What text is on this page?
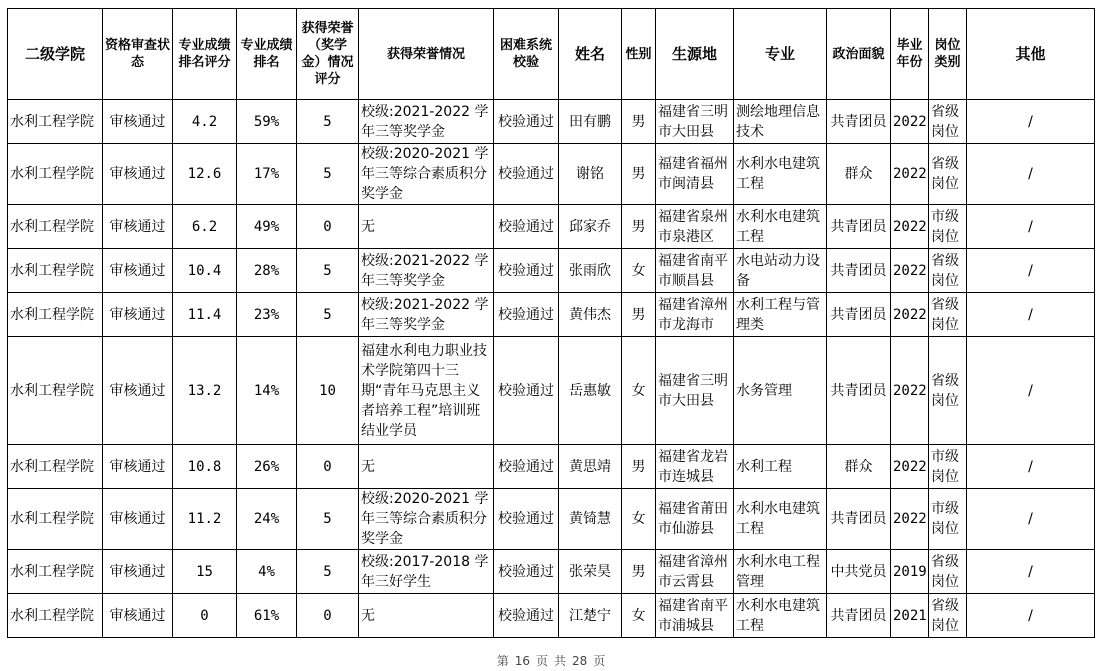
二级学院	资格审查状态	专业成绩排名评分	专业成绩排名	获得荣誉（奖学金）情况评分	获得荣誉情况	困难系统校验	姓名	性别	生源地	专业	政治面貌	毕业年份	岗位类别	其他
水利工程学院	审核通过	4.2	59%	5	校级:2021-2022 学年三等奖学金	校验通过	田有鹏	男	福建省三明市大田县	测绘地理信息技术	共青团员	2022	省级岗位	/
水利工程学院	审核通过	12.6	17%	5	校级:2020-2021 学年三等综合素质积分奖学金	校验通过	谢铭	男	福建省福州市闽清县	水利水电建筑工程	群众	2022	省级岗位	/
水利工程学院	审核通过	6.2	49%	0	无	校验通过	邱家乔	男	福建省泉州市泉港区	水利水电建筑工程	共青团员	2022	市级岗位	/
水利工程学院	审核通过	10.4	28%	5	校级:2021-2022 学年三等奖学金	校验通过	张雨欣	女	福建省南平市顺昌县	水电站动力设备	共青团员	2022	省级岗位	/
水利工程学院	审核通过	11.4	23%	5	校级:2021-2022 学年三等奖学金	校验通过	黄伟杰	男	福建省漳州市龙海市	水利工程与管理类	共青团员	2022	省级岗位	/
水利工程学院	审核通过	13.2	14%	10	福建水利电力职业技术学院第四十三期“青年马克思主义者培养工程”培训班结业学员	校验通过	岳惠敏	女	福建省三明市大田县	水务管理	共青团员	2022	省级岗位	/
水利工程学院	审核通过	10.8	26%	0	无	校验通过	黄思靖	男	福建省龙岩市连城县	水利工程	群众	2022	市级岗位	/
水利工程学院	审核通过	11.2	24%	5	校级:2020-2021 学年三等综合素质积分奖学金	校验通过	黄锜慧	女	福建省莆田市仙游县	水利水电建筑工程	共青团员	2022	市级岗位	/
水利工程学院	审核通过	15	4%	5	校级:2017-2018 学年三好学生	校验通过	张荣昊	男	福建省漳州市云霄县	水利水电工程管理	中共党员	2019	省级岗位	/
水利工程学院	审核通过	0	61%	0	无	校验通过	江楚宁	女	福建省南平市浦城县	水利水电建筑工程	共青团员	2021	省级岗位	/
第 16 页 共 28 页
